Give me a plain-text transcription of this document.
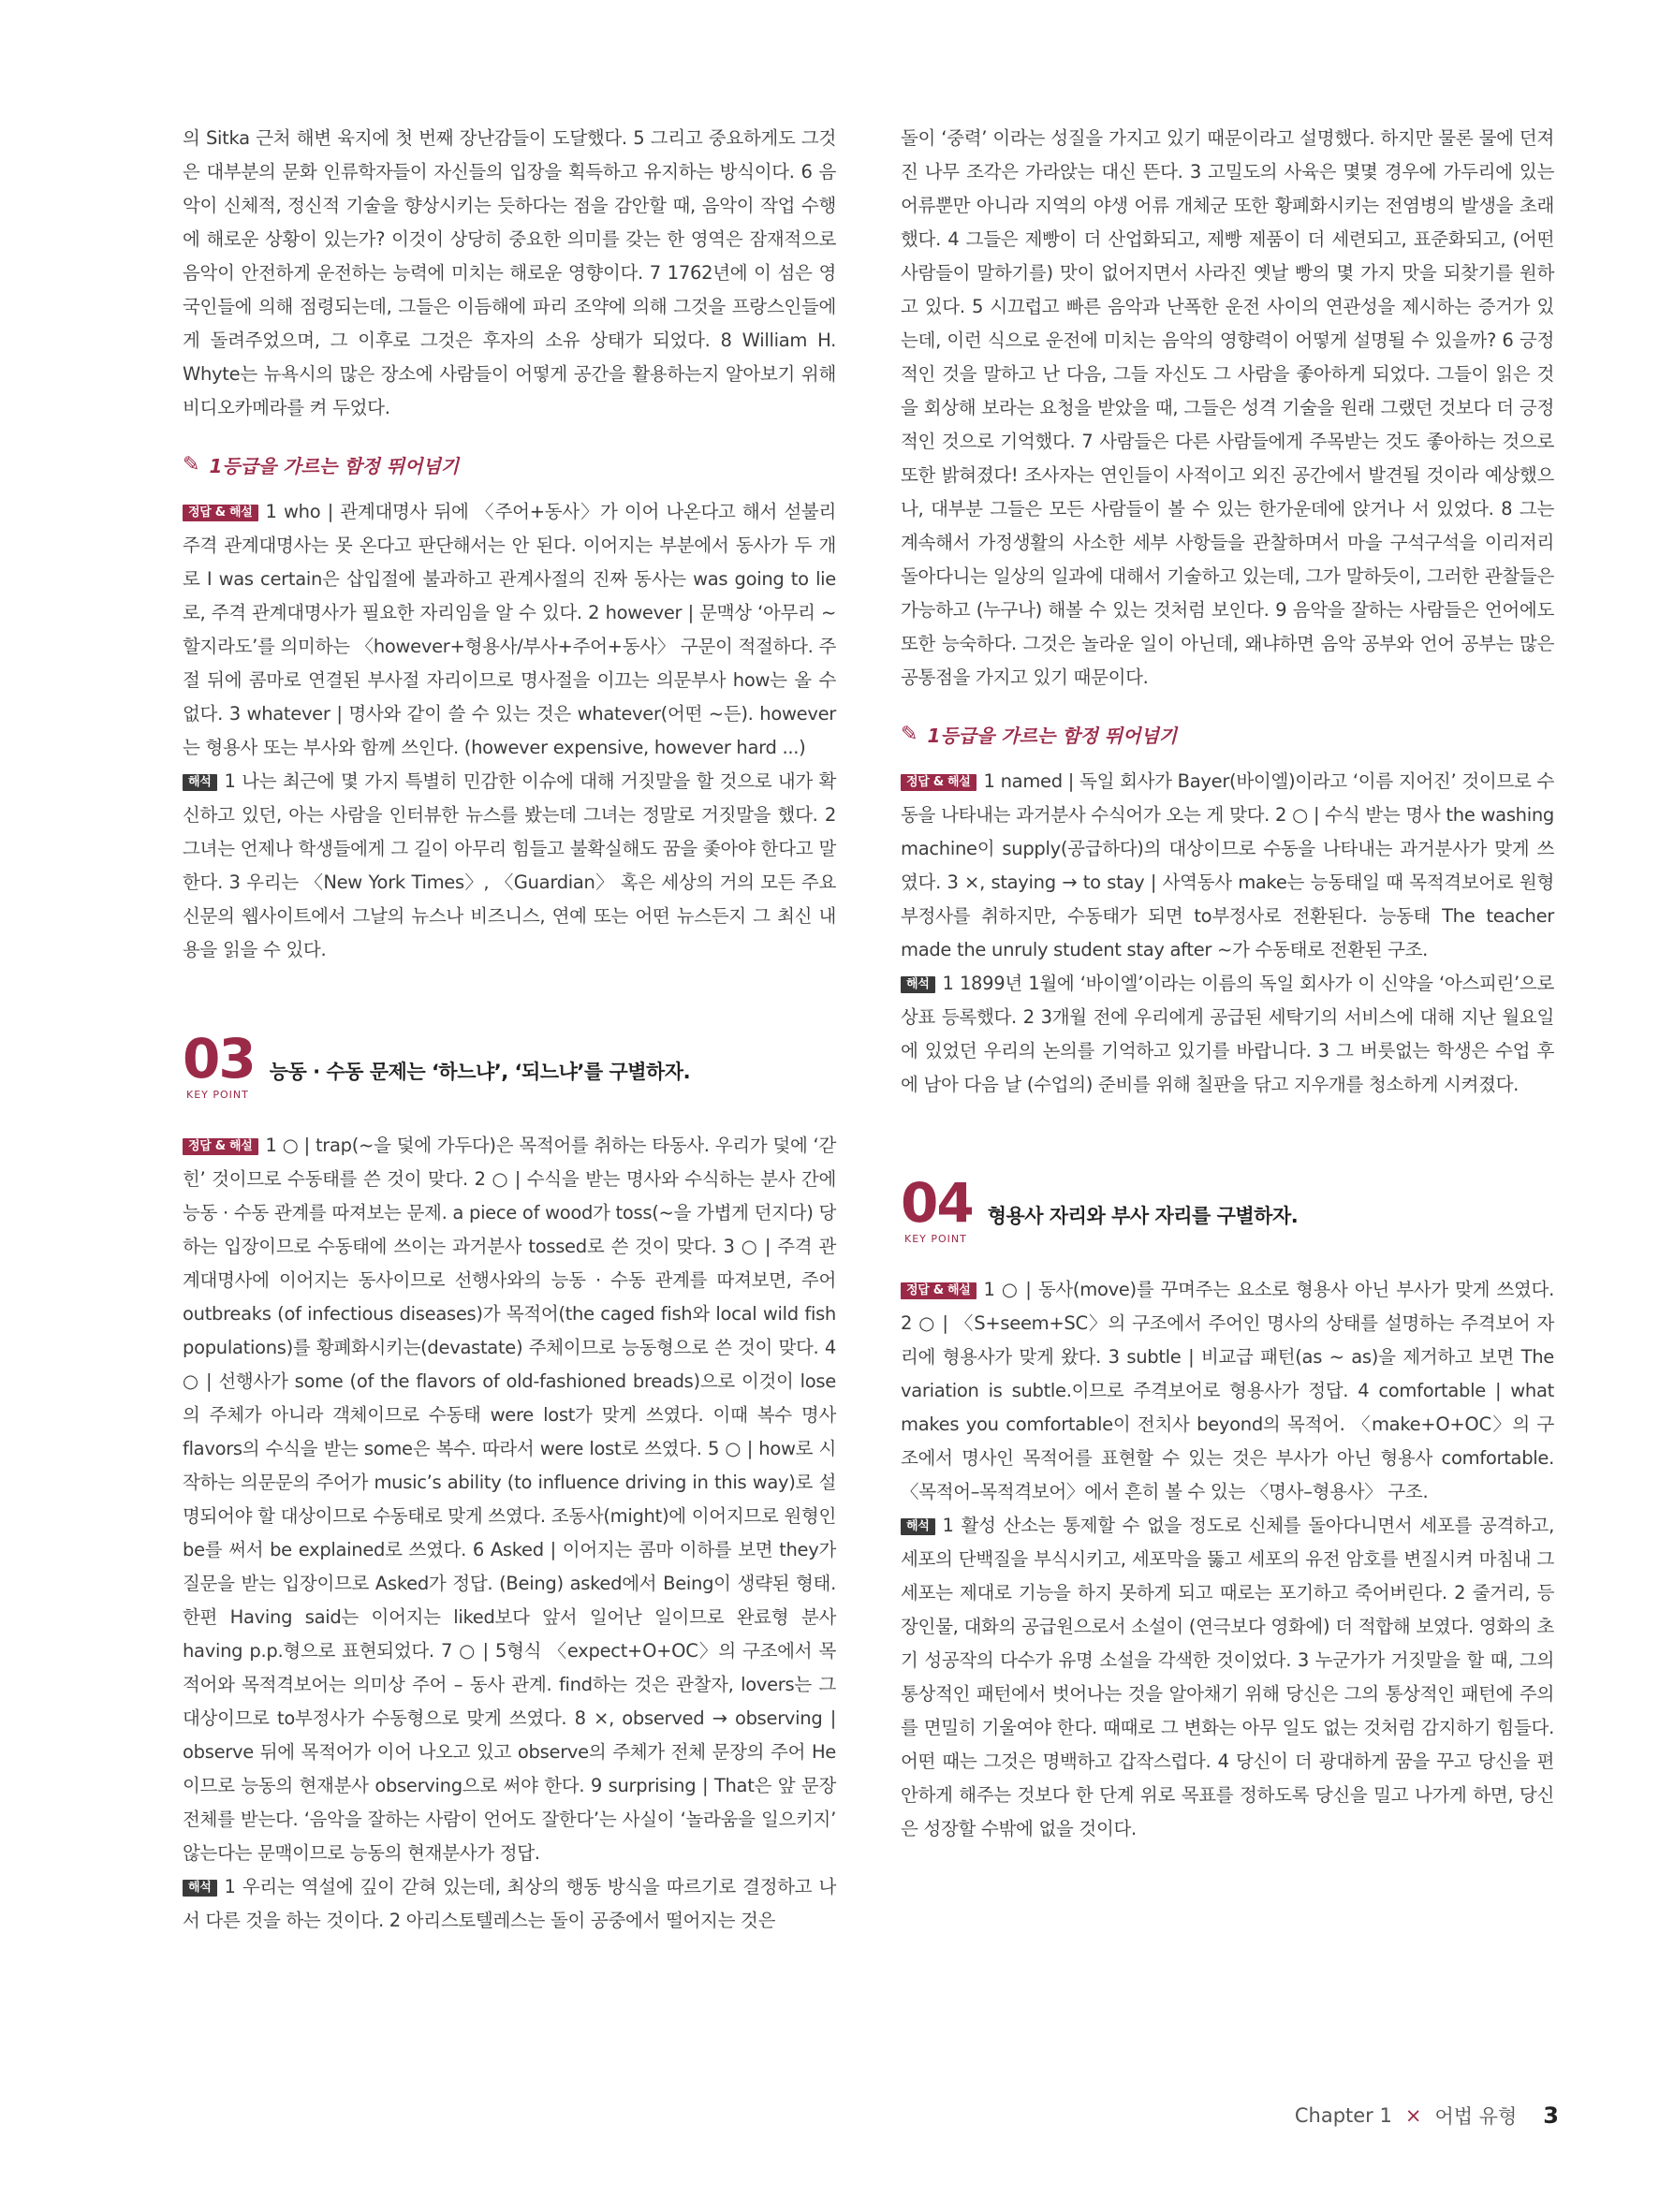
의 Sitka 근처 해변 육지에 첫 번째 장난감들이 도달했다. 5 그리고 중요하게도 그것은 대부분의 문화 인류학자들이 자신들의 입장을 획득하고 유지하는 방식이다. 6 음악이 신체적, 정신적 기술을 향상시키는 듯하다는 점을 감안할 때, 음악이 작업 수행에 해로운 상황이 있는가? 이것이 상당히 중요한 의미를 갖는 한 영역은 잠재적으로 음악이 안전하게 운전하는 능력에 미치는 해로운 영향이다. 7 1762년에 이 섬은 영국인들에 의해 점령되는데, 그들은 이듬해에 파리 조약에 의해 그것을 프랑스인들에게 돌려주었으며, 그 이후로 그것은 후자의 소유 상태가 되었다. 8 William H. Whyte는 뉴욕시의 많은 장소에 사람들이 어떻게 공간을 활용하는지 알아보기 위해 비디오카메라를 켜 두었다.

✎ 1등급을 가르는 함정 뛰어넘기

정답 & 해설 1 who | 관계대명사 뒤에 〈주어+동사〉가 이어 나온다고 해서 섣불리 주격 관계대명사는 못 온다고 판단해서는 안 된다. 이어지는 부분에서 동사가 두 개로 I was certain은 삽입절에 불과하고 관계사절의 진짜 동사는 was going to lie로, 주격 관계대명사가 필요한 자리임을 알 수 있다. 2 however | 문맥상 ‘아무리 ~할지라도’를 의미하는 〈however+형용사/부사+주어+동사〉 구문이 적절하다. 주절 뒤에 콤마로 연결된 부사절 자리이므로 명사절을 이끄는 의문부사 how는 올 수 없다. 3 whatever | 명사와 같이 쓸 수 있는 것은 whatever(어떤 ~든). however는 형용사 또는 부사와 함께 쓰인다. (however expensive, however hard ...)

해석 1 나는 최근에 몇 가지 특별히 민감한 이슈에 대해 거짓말을 할 것으로 내가 확신하고 있던, 아는 사람을 인터뷰한 뉴스를 봤는데 그녀는 정말로 거짓말을 했다. 2 그녀는 언제나 학생들에게 그 길이 아무리 힘들고 불확실해도 꿈을 좇아야 한다고 말한다. 3 우리는 〈New York Times〉, 〈Guardian〉 혹은 세상의 거의 모든 주요 신문의 웹사이트에서 그날의 뉴스나 비즈니스, 연예 또는 어떤 뉴스든지 그 최신 내용을 읽을 수 있다.

03
KEY POINT
능동 · 수동 문제는 ‘하느냐’, ‘되느냐’를 구별하자.

정답 & 해설 1 ○ | trap(~을 덫에 가두다)은 목적어를 취하는 타동사. 우리가 덫에 ‘갇힌’ 것이므로 수동태를 쓴 것이 맞다. 2 ○ | 수식을 받는 명사와 수식하는 분사 간에 능동 · 수동 관계를 따져보는 문제. a piece of wood가 toss(~을 가볍게 던지다) 당하는 입장이므로 수동태에 쓰이는 과거분사 tossed로 쓴 것이 맞다. 3 ○ | 주격 관계대명사에 이어지는 동사이므로 선행사와의 능동 · 수동 관계를 따져보면, 주어 outbreaks (of infectious diseases)가 목적어(the caged fish와 local wild fish populations)를 황폐화시키는(devastate) 주체이므로 능동형으로 쓴 것이 맞다. 4 ○ | 선행사가 some (of the flavors of old-fashioned breads)으로 이것이 lose의 주체가 아니라 객체이므로 수동태 were lost가 맞게 쓰였다. 이때 복수 명사 flavors의 수식을 받는 some은 복수. 따라서 were lost로 쓰였다. 5 ○ | how로 시작하는 의문문의 주어가 music’s ability (to influence driving in this way)로 설명되어야 할 대상이므로 수동태로 맞게 쓰였다. 조동사(might)에 이어지므로 원형인 be를 써서 be explained로 쓰였다. 6 Asked | 이어지는 콤마 이하를 보면 they가 질문을 받는 입장이므로 Asked가 정답. (Being) asked에서 Being이 생략된 형태. 한편 Having said는 이어지는 liked보다 앞서 일어난 일이므로 완료형 분사 having p.p.형으로 표현되었다. 7 ○ | 5형식 〈expect+O+OC〉의 구조에서 목적어와 목적격보어는 의미상 주어 – 동사 관계. find하는 것은 관찰자, lovers는 그 대상이므로 to부정사가 수동형으로 맞게 쓰였다. 8 ×, observed → observing | observe 뒤에 목적어가 이어 나오고 있고 observe의 주체가 전체 문장의 주어 He이므로 능동의 현재분사 observing으로 써야 한다. 9 surprising | That은 앞 문장 전체를 받는다. ‘음악을 잘하는 사람이 언어도 잘한다’는 사실이 ‘놀라움을 일으키지’ 않는다는 문맥이므로 능동의 현재분사가 정답.

해석 1 우리는 역설에 깊이 갇혀 있는데, 최상의 행동 방식을 따르기로 결정하고 나서 다른 것을 하는 것이다. 2 아리스토텔레스는 돌이 공중에서 떨어지는 것은

돌이 ‘중력’ 이라는 성질을 가지고 있기 때문이라고 설명했다. 하지만 물론 물에 던져진 나무 조각은 가라앉는 대신 뜬다. 3 고밀도의 사육은 몇몇 경우에 가두리에 있는 어류뿐만 아니라 지역의 야생 어류 개체군 또한 황폐화시키는 전염병의 발생을 초래했다. 4 그들은 제빵이 더 산업화되고, 제빵 제품이 더 세련되고, 표준화되고, (어떤 사람들이 말하기를) 맛이 없어지면서 사라진 옛날 빵의 몇 가지 맛을 되찾기를 원하고 있다. 5 시끄럽고 빠른 음악과 난폭한 운전 사이의 연관성을 제시하는 증거가 있는데, 이런 식으로 운전에 미치는 음악의 영향력이 어떻게 설명될 수 있을까? 6 긍정적인 것을 말하고 난 다음, 그들 자신도 그 사람을 좋아하게 되었다. 그들이 읽은 것을 회상해 보라는 요청을 받았을 때, 그들은 성격 기술을 원래 그랬던 것보다 더 긍정적인 것으로 기억했다. 7 사람들은 다른 사람들에게 주목받는 것도 좋아하는 것으로 또한 밝혀졌다! 조사자는 연인들이 사적이고 외진 공간에서 발견될 것이라 예상했으나, 대부분 그들은 모든 사람들이 볼 수 있는 한가운데에 앉거나 서 있었다. 8 그는 계속해서 가정생활의 사소한 세부 사항들을 관찰하며서 마을 구석구석을 이리저리 돌아다니는 일상의 일과에 대해서 기술하고 있는데, 그가 말하듯이, 그러한 관찰들은 가능하고 (누구나) 해볼 수 있는 것처럼 보인다. 9 음악을 잘하는 사람들은 언어에도 또한 능숙하다. 그것은 놀라운 일이 아닌데, 왜냐하면 음악 공부와 언어 공부는 많은 공통점을 가지고 있기 때문이다.

✎ 1등급을 가르는 함정 뛰어넘기

정답 & 해설 1 named | 독일 회사가 Bayer(바이엘)이라고 ‘이름 지어진’ 것이므로 수동을 나타내는 과거분사 수식어가 오는 게 맞다. 2 ○ | 수식 받는 명사 the washing machine이 supply(공급하다)의 대상이므로 수동을 나타내는 과거분사가 맞게 쓰였다. 3 ×, staying → to stay | 사역동사 make는 능동태일 때 목적격보어로 원형부정사를 취하지만, 수동태가 되면 to부정사로 전환된다. 능동태 The teacher made the unruly student stay after ~가 수동태로 전환된 구조.

해석 1 1899년 1월에 ‘바이엘’이라는 이름의 독일 회사가 이 신약을 ‘아스피린’으로 상표 등록했다. 2 3개월 전에 우리에게 공급된 세탁기의 서비스에 대해 지난 월요일에 있었던 우리의 논의를 기억하고 있기를 바랍니다. 3 그 버릇없는 학생은 수업 후에 남아 다음 날 (수업의) 준비를 위해 칠판을 닦고 지우개를 청소하게 시켜졌다.

04
KEY POINT
형용사 자리와 부사 자리를 구별하자.

정답 & 해설 1 ○ | 동사(move)를 꾸며주는 요소로 형용사 아닌 부사가 맞게 쓰였다. 2 ○ | 〈S+seem+SC〉의 구조에서 주어인 명사의 상태를 설명하는 주격보어 자리에 형용사가 맞게 왔다. 3 subtle | 비교급 패턴(as ~ as)을 제거하고 보면 The variation is subtle.이므로 주격보어로 형용사가 정답. 4 comfortable | what makes you comfortable이 전치사 beyond의 목적어. 〈make+O+OC〉의 구조에서 명사인 목적어를 표현할 수 있는 것은 부사가 아닌 형용사 comfortable. 〈목적어–목적격보어〉에서 흔히 볼 수 있는 〈명사–형용사〉 구조.

해석 1 활성 산소는 통제할 수 없을 정도로 신체를 돌아다니면서 세포를 공격하고, 세포의 단백질을 부식시키고, 세포막을 뚫고 세포의 유전 암호를 변질시켜 마침내 그 세포는 제대로 기능을 하지 못하게 되고 때로는 포기하고 죽어버린다. 2 줄거리, 등장인물, 대화의 공급원으로서 소설이 (연극보다 영화에) 더 적합해 보였다. 영화의 초기 성공작의 다수가 유명 소설을 각색한 것이었다. 3 누군가가 거짓말을 할 때, 그의 통상적인 패턴에서 벗어나는 것을 알아채기 위해 당신은 그의 통상적인 패턴에 주의를 면밀히 기울여야 한다. 때때로 그 변화는 아무 일도 없는 것처럼 감지하기 힘들다. 어떤 때는 그것은 명백하고 갑작스럽다. 4 당신이 더 광대하게 꿈을 꾸고 당신을 편안하게 해주는 것보다 한 단계 위로 목표를 정하도록 당신을 밀고 나가게 하면, 당신은 성장할 수밖에 없을 것이다.

Chapter 1 × 어법 유형 3
